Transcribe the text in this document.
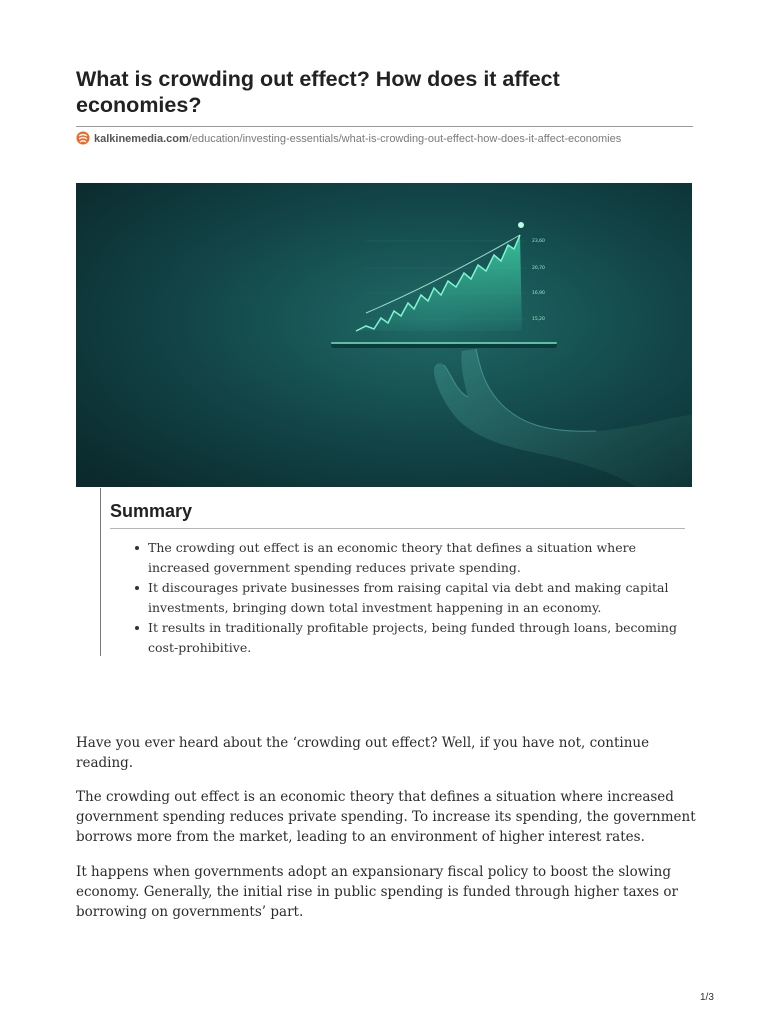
What is crowding out effect? How does it affect economies?
kalkinemedia.com/education/investing-essentials/what-is-crowding-out-effect-how-does-it-affect-economies
23,60
20,70
16,90
15,20
Summary
The crowding out effect is an economic theory that defines a situation where increased government spending reduces private spending.
It discourages private businesses from raising capital via debt and making capital investments, bringing down total investment happening in an economy.
It results in traditionally profitable projects, being funded through loans, becoming cost-prohibitive.

Have you ever heard about the ‘crowding out effect? Well, if you have not, continue reading.

The crowding out effect is an economic theory that defines a situation where increased government spending reduces private spending. To increase its spending, the government borrows more from the market, leading to an environment of higher interest rates.

It happens when governments adopt an expansionary fiscal policy to boost the slowing economy. Generally, the initial rise in public spending is funded through higher taxes or borrowing on governments’ part.

1/3
